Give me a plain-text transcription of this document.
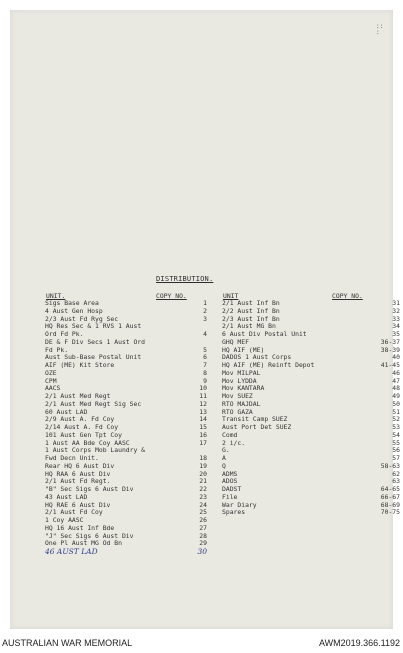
::
:
DISTRIBUTION.
UNIT.	COPY NO.	UNIT	COPY NO.
Sigs Base Area	1
4 Aust Gen Hosp	2
2/3 Aust Fd Ryg Sec	3
HQ Res Sec & 1 RVS 1 Aust
Ord Fd Pk.	4
DE & F Div Secs 1 Aust Ord
Fd Pk.	5
Aust Sub-Base Postal Unit	6
AIF (ME) Kit Store	7
OZE	8
CPM	9
AACS	10
2/1 Aust Med Regt	11
2/1 Aust Med Regt Sig Sec	12
60 Aust LAD	13
2/9 Aust A. Fd Coy	14
2/14 Aust A. Fd Coy	15
101 Aust Gen Tpt Coy	16
1 Aust AA Bde Coy AASC	17
1 Aust Corps Mob Laundry &
Fwd Decn Unit.	18
Rear HQ 6 Aust Div	19
HQ RAA 6 Aust Div	20
2/1 Aust Fd Regt.	21
"B" Sec Sigs 6 Aust Div	22
43 Aust LAD	23
HQ RAE 6 Aust Div	24
2/1 Aust Fd Coy	25
1 Coy AASC	26
HQ 16 Aust Inf Bde	27
"J" Sec Sigs 6 Aust Div	28
One Pl Aust MG Od Bn	29
46 AUST LAD	30
2/1 Aust Inf Bn	31
2/2 Aust Inf Bn	32
2/3 Aust Inf Bn	33
2/1 Aust MG Bn	34
6 Aust Div Postal Unit	35
GHQ MEF	36-37
HQ AIF (ME)	38-39
DADOS 1 Aust Corps	40
HQ AIF (ME) Reinft Depot	41-45
Mov MILPAL	46
Mov LYDDA	47
Mov KANTARA	48
Mov SUEZ	49
RTO MAJDAL	50
RTO GAZA	51
Transit Camp SUEZ	52
Aust Port Det SUEZ	53
Comd	54
2 i/c.	55
G.	56
A	57
Q	58-63
ADMS	62
ADOS	63
DADST	64-65
File	66-67
War Diary	68-69
Spares	70-75
AUSTRALIAN WAR MEMORIAL	AWM2019.366.1192
